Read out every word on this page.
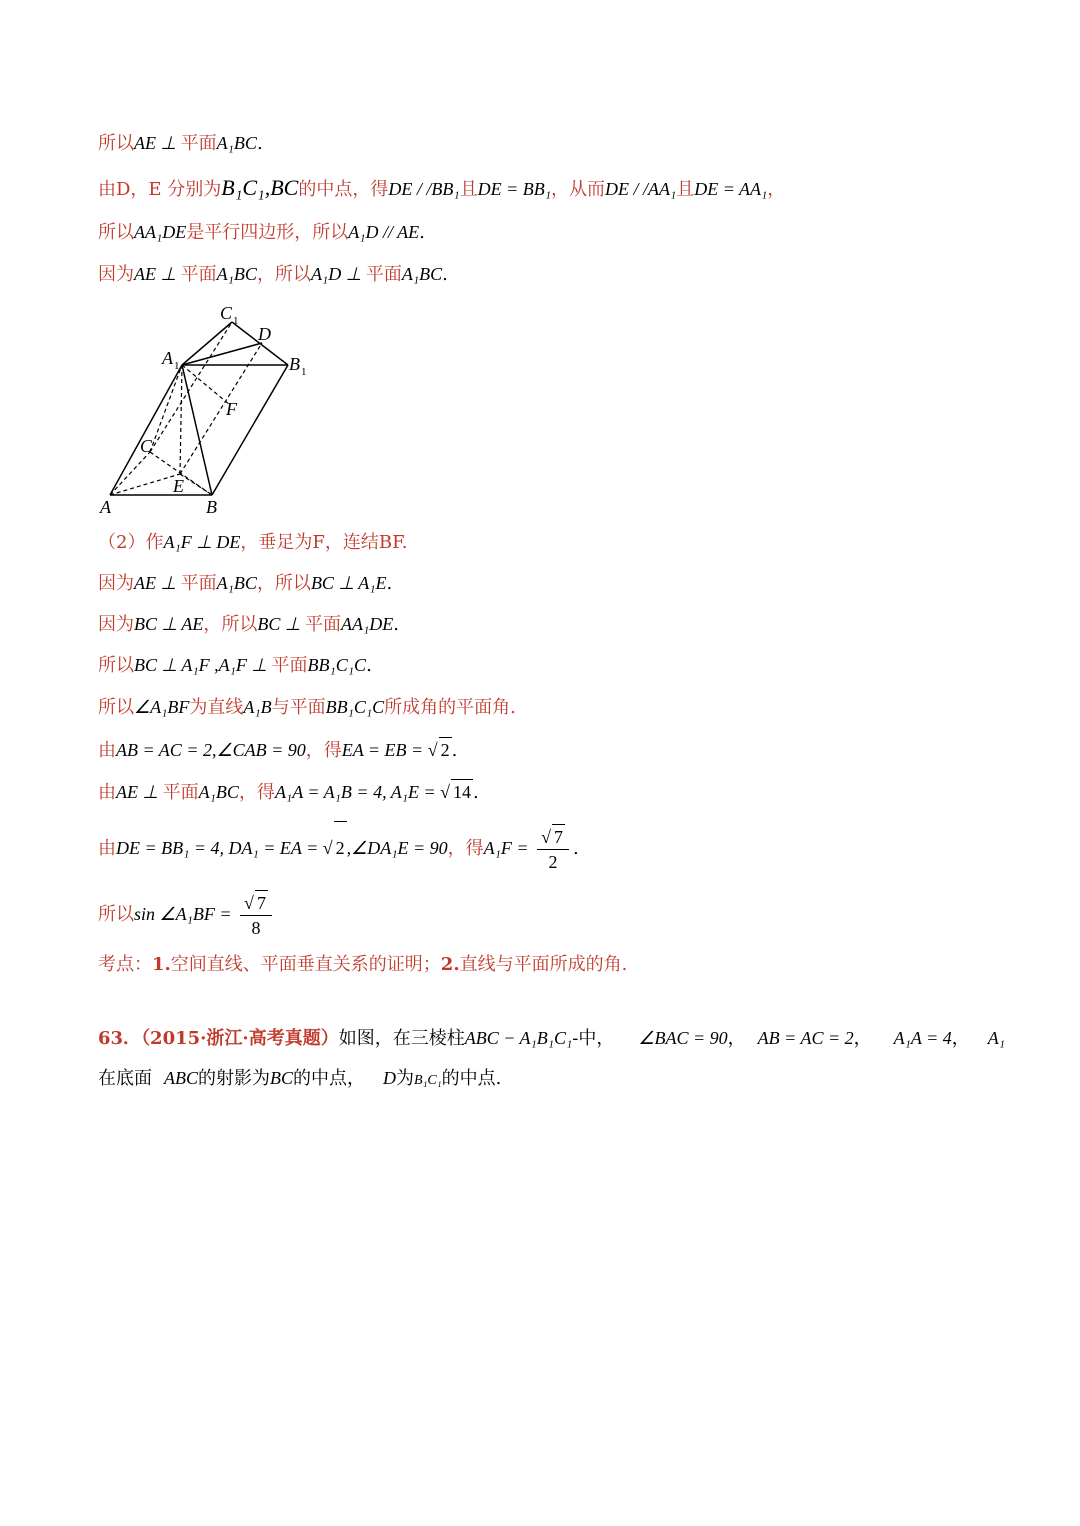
所以AE ⊥ 平面A₁BC.
由D，E 分别为B₁C₁,BC的中点，得DE / /BB₁且DE = BB₁，从而DE / /AA₁且DE = AA₁，
所以AA₁DE是平行四边形，所以A₁D // AE.
因为AE ⊥ 平面A₁BC，所以A₁D ⊥ 平面A₁BC.
A	B
C
E
F
D
A 1	B 1
C 1
（2）作A₁F ⊥ DE，垂足为F，连结BF.
因为AE ⊥ 平面A₁BC，所以BC ⊥ A₁E.
因为BC ⊥ AE，所以BC ⊥ 平面AA₁DE.
所以BC ⊥ A₁F ,A₁F ⊥ 平面BB₁C₁C.
所以∠A₁BF为直线A₁B与平面BB₁C₁C所成角的平面角.
由AB = AC = 2,∠CAB = 90，得EA = EB = √ 2 .
由AE ⊥ 平面A₁BC，得A₁A = A₁B = 4, A₁E = √ 14 .
由DE = BB₁ = 4, DA₁ = EA = √ 2 ,∠DA₁E = 90，得$A_1F = \frac{√ 7}{2}$ .
所以sin ∠A₁BF = $\frac{√ 7}{8}$
考点：1.空间直线、平面垂直关系的证明；2.直线与平面所成的角.
63．（2015·浙江·高考真题）如图，在三棱柱ABC − A₁B₁C₁-中， ∠BAC = 90， AB = AC = 2， A₁A = 4， A₁
在底面 ABC的射影为BC的中点， D为B₁C₁的中点.
